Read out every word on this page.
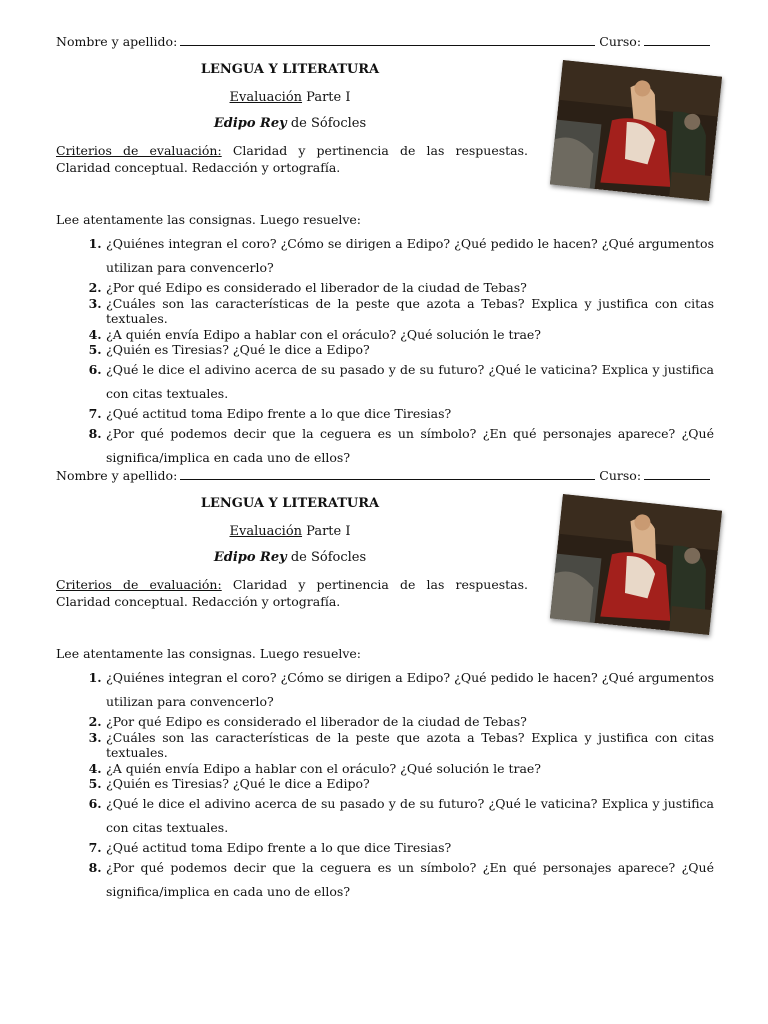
Nombre y apellido:	Curso:
LENGUA Y LITERATURA
Evaluación Parte I
Edipo Rey de Sófocles
Criterios de evaluación: Claridad y pertinencia de las respuestas. Claridad conceptual. Redacción y ortografía.
Lee atentamente las consignas. Luego resuelve:
1. ¿Quiénes integran el coro? ¿Cómo se dirigen a Edipo? ¿Qué pedido le hacen? ¿Qué argumentos utilizan para convencerlo?
2. ¿Por qué Edipo es considerado el liberador de la ciudad de Tebas?
3. ¿Cuáles son las características de la peste que azota a Tebas? Explica y justifica con citas textuales.
4. ¿A quién envía Edipo a hablar con el oráculo? ¿Qué solución le trae?
5. ¿Quién es Tiresias? ¿Qué le dice a Edipo?
6. ¿Qué le dice el adivino acerca de su pasado y de su futuro? ¿Qué le vaticina? Explica y justifica con citas textuales.
7. ¿Qué actitud toma Edipo frente a lo que dice Tiresias?
8. ¿Por qué podemos decir que la ceguera es un símbolo? ¿En qué personajes aparece? ¿Qué significa/implica en cada uno de ellos?
Nombre y apellido:	Curso:
LENGUA Y LITERATURA
Evaluación Parte I
Edipo Rey de Sófocles
Criterios de evaluación: Claridad y pertinencia de las respuestas. Claridad conceptual. Redacción y ortografía.
Lee atentamente las consignas. Luego resuelve:
1. ¿Quiénes integran el coro? ¿Cómo se dirigen a Edipo? ¿Qué pedido le hacen? ¿Qué argumentos utilizan para convencerlo?
2. ¿Por qué Edipo es considerado el liberador de la ciudad de Tebas?
3. ¿Cuáles son las características de la peste que azota a Tebas? Explica y justifica con citas textuales.
4. ¿A quién envía Edipo a hablar con el oráculo? ¿Qué solución le trae?
5. ¿Quién es Tiresias? ¿Qué le dice a Edipo?
6. ¿Qué le dice el adivino acerca de su pasado y de su futuro? ¿Qué le vaticina? Explica y justifica con citas textuales.
7. ¿Qué actitud toma Edipo frente a lo que dice Tiresias?
8. ¿Por qué podemos decir que la ceguera es un símbolo? ¿En qué personajes aparece? ¿Qué significa/implica en cada uno de ellos?
